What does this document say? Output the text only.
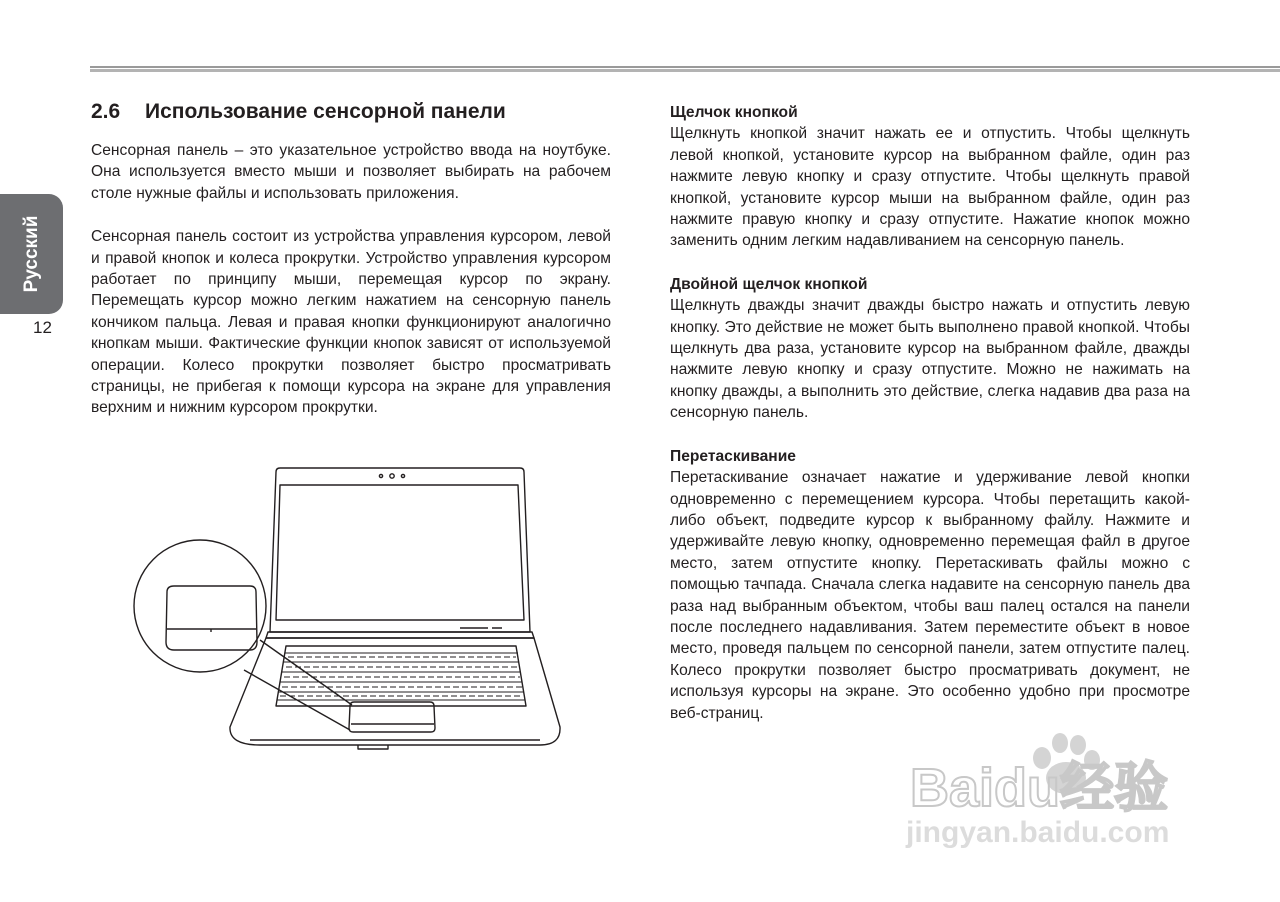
Русский
12
2.6 Использование сенсорной панели

Сенсорная панель – это указательное устройство ввода на ноутбуке. Она используется вместо мыши и позволяет выбирать на рабочем столе нужные файлы и использовать приложения.

Сенсорная панель состоит из устройства управления курсором, левой и правой кнопок и колеса прокрутки. Устройство управления курсором работает по принципу мыши, перемещая курсор по экрану. Перемещать курсор можно легким нажатием на сенсорную панель кончиком пальца. Левая и правая кнопки функционируют аналогично кнопкам мыши. Фактические функции кнопок зависят от используемой операции. Колесо прокрутки позволяет быстро просматривать страницы, не прибегая к помощи курсора на экране для управления верхним и нижним курсором прокрутки.

Щелчок кнопкой

Щелкнуть кнопкой значит нажать ее и отпустить. Чтобы щелкнуть левой кнопкой, установите курсор на выбранном файле, один раз нажмите левую кнопку и сразу отпустите. Чтобы щелкнуть правой кнопкой, установите курсор мыши на выбранном файле, один раз нажмите правую кнопку и сразу отпустите. Нажатие кнопок можно заменить одним легким надавливанием на сенсорную панель.

Двойной щелчок кнопкой

Щелкнуть дважды значит дважды быстро нажать и отпустить левую кнопку. Это действие не может быть выполнено правой кнопкой. Чтобы щелкнуть два раза, установите курсор на выбранном файле, дважды нажмите левую кнопку и сразу отпустите. Можно не нажимать на кнопку дважды, а выполнить это действие, слегка надавив два раза на сенсорную панель.

Перетаскивание

Перетаскивание означает нажатие и удерживание левой кнопки одновременно с перемещением курсора. Чтобы перетащить какой-либо объект, подведите курсор к выбранному файлу. Нажмите и удерживайте левую кнопку, одновременно перемещая файл в другое место, затем отпустите кнопку. Перетаскивать файлы можно с помощью тачпада. Сначала слегка надавите на сенсорную панель два раза над выбранным объектом, чтобы ваш палец остался на панели после последнего надавливания. Затем переместите объект в новое место, проведя пальцем по сенсорной панели, затем отпустите палец. Колесо прокрутки позволяет быстро просматривать документ, не используя курсоры на экране. Это особенно удобно при просмотре веб-страниц.

Baidu经验
jingyan.baidu.com
